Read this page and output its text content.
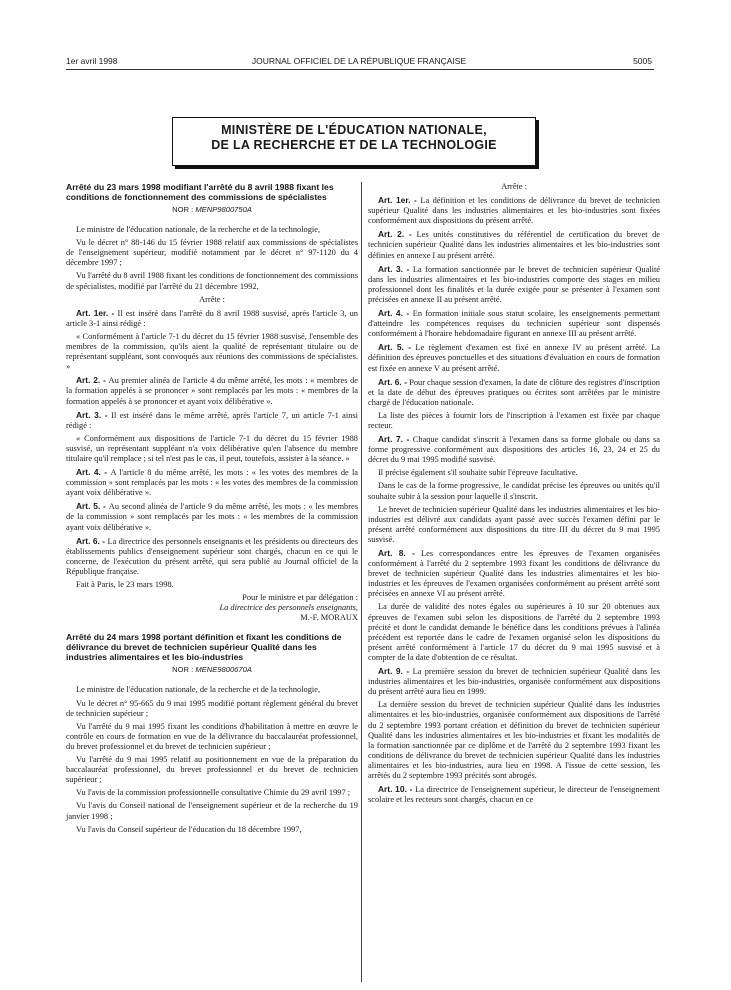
1er avril 1998	JOURNAL OFFICIEL DE LA RÉPUBLIQUE FRANÇAISE	5005
MINISTÈRE DE L'ÉDUCATION NATIONALE,
DE LA RECHERCHE ET DE LA TECHNOLOGIE
Arrêté du 23 mars 1998 modifiant l'arrêté du 8 avril 1988 fixant les conditions de fonctionnement des commissions de spécialistes
NOR : MENP9800750A

Le ministre de l'éducation nationale, de la recherche et de la technologie,

Vu le décret n° 88-146 du 15 février 1988 relatif aux commissions de spécialistes de l'enseignement supérieur, modifié notamment par le décret n° 97-1120 du 4 décembre 1997 ;

Vu l'arrêté du 8 avril 1988 fixant les conditions de fonctionnement des commissions de spécialistes, modifié par l'arrêté du 21 décembre 1992,

Arrête :

Art. 1er. - Il est inséré dans l'arrêté du 8 avril 1988 susvisé, après l'article 3, un article 3-1 ainsi rédigé :

« Conformément à l'article 7-1 du décret du 15 février 1988 susvisé, l'ensemble des membres de la commission, qu'ils aient la qualité de représentant titulaire ou de représentant suppléant, sont convoqués aux réunions des commissions de spécialistes. »

Art. 2. - Au premier alinéa de l'article 4 du même arrêté, les mots : « membres de la formation appelés à se prononcer » sont remplacés par les mots : « membres de la formation appelés à se prononcer et ayant voix délibérative ».

Art. 3. - Il est inséré dans le même arrêté, après l'article 7, un article 7-1 ainsi rédigé :

« Conformément aux dispositions de l'article 7-1 du décret du 15 février 1988 susvisé, un représentant suppléant n'a voix délibérative qu'en l'absence du membre titulaire qu'il remplace ; si tel n'est pas le cas, il peut, toutefois, assister à la séance. »

Art. 4. - A l'article 8 du même arrêté, les mots : « les votes des membres de la commission » sont remplacés par les mots : « les votes des membres de la commission ayant voix délibérative ».

Art. 5. - Au second alinéa de l'article 9 du même arrêté, les mots : « les membres de la commission » sont remplacés par les mots : « les membres de la commission ayant voix délibérative ».

Art. 6. - La directrice des personnels enseignants et les présidents ou directeurs des établissements publics d'enseignement supérieur sont chargés, chacun en ce qui le concerne, de l'exécution du présent arrêté, qui sera publié au Journal officiel de la République française.

Fait à Paris, le 23 mars 1998.

Pour le ministre et par délégation :

La directrice des personnels enseignants,

M.-F. MORAUX

Arrêté du 24 mars 1998 portant définition et fixant les conditions de délivrance du brevet de technicien supérieur Qualité dans les industries alimentaires et les bio-industries
NOR : MENE9800670A

Le ministre de l'éducation nationale, de la recherche et de la technologie,

Vu le décret n° 95-665 du 9 mai 1995 modifié portant règlement général du brevet de technicien supérieur ;

Vu l'arrêté du 9 mai 1995 fixant les conditions d'habilitation à mettre en œuvre le contrôle en cours de formation en vue de la délivrance du baccalauréat professionnel, du brevet professionnel et du brevet de technicien supérieur ;

Vu l'arrêté du 9 mai 1995 relatif au positionnement en vue de la préparation du baccalauréat professionnel, du brevet professionnel et du brevet de technicien supérieur ;

Vu l'avis de la commission professionnelle consultative Chimie du 29 avril 1997 ;

Vu l'avis du Conseil national de l'enseignement supérieur et de la recherche du 19 janvier 1998 ;

Vu l'avis du Conseil supérieur de l'éducation du 18 décembre 1997,

Arrête :

Art. 1er. - La définition et les conditions de délivrance du brevet de technicien supérieur Qualité dans les industries alimentaires et les bio-industries sont fixées conformément aux dispositions du présent arrêté.

Art. 2. - Les unités constitutives du référentiel de certification du brevet de technicien supérieur Qualité dans les industries alimentaires et les bio-industries sont définies en annexe I au présent arrêté.

Art. 3. - La formation sanctionnée par le brevet de technicien supérieur Qualité dans les industries alimentaires et les bio-industries comporte des stages en milieu professionnel dont les finalités et la durée exigée pour se présenter à l'examen sont précisées en annexe II au présent arrêté.

Art. 4. - En formation initiale sous statut scolaire, les enseignements permettant d'atteindre les compétences requises du technicien supérieur sont dispensés conformément à l'horaire hebdomadaire figurant en annexe III au présent arrêté.

Art. 5. - Le règlement d'examen est fixé en annexe IV au présent arrêté. La définition des épreuves ponctuelles et des situations d'évaluation en cours de formation est fixée en annexe V au présent arrêté.

Art. 6. - Pour chaque session d'examen, la date de clôture des registres d'inscription et la date de début des épreuves pratiques ou écrites sont arrêtées par le ministre chargé de l'éducation nationale.

La liste des pièces à fournir lors de l'inscription à l'examen est fixée par chaque recteur.

Art. 7. - Chaque candidat s'inscrit à l'examen dans sa forme globale ou dans sa forme progressive conformément aux dispositions des articles 16, 23, 24 et 25 du décret du 9 mai 1995 modifié susvisé.

Il précise également s'il souhaite subir l'épreuve facultative.

Dans le cas de la forme progressive, le candidat précise les épreuves ou unités qu'il souhaite subir à la session pour laquelle il s'inscrit.

Le brevet de technicien supérieur Qualité dans les industries alimentaires et les bio-industries est délivré aux candidats ayant passé avec succès l'examen défini par le présent arrêté conformément aux dispositions du titre III du décret du 9 mai 1995 susvisé.

Art. 8. - Les correspondances entre les épreuves de l'examen organisées conformément à l'arrêté du 2 septembre 1993 fixant les conditions de délivrance du brevet de technicien supérieur Qualité dans les industries alimentaires et les bio-industries et les épreuves de l'examen organisées conformément au présent arrêté sont précisées en annexe VI au présent arrêté.

La durée de validité des notes égales ou supérieures à 10 sur 20 obtenues aux épreuves de l'examen subi selon les dispositions de l'arrêté du 2 septembre 1993 précité et dont le candidat demande le bénéfice dans les conditions prévues à l'alinéa précédent est reportée dans le cadre de l'examen organisé selon les dispositions du présent arrêté conformément à l'article 17 du décret du 9 mai 1995 susvisé et à compter de la date d'obtention de ce résultat.

Art. 9. - La première session du brevet de technicien supérieur Qualité dans les industries alimentaires et les bio-industries, organisée conformément aux dispositions du présent arrêté aura lieu en 1999.

La dernière session du brevet de technicien supérieur Qualité dans les industries alimentaires et les bio-industries, organisée conformément aux dispositions de l'arrêté du 2 septembre 1993 portant création et définition du brevet de technicien supérieur Qualité dans les industries alimentaires et les bio-industries et fixant les modalités de la formation sanctionnée par ce diplôme et de l'arrêté du 2 septembre 1993 fixant les conditions de délivrance du brevet de technicien supérieur Qualité dans les industries alimentaires et les bio-industries, aura lieu en 1998. A l'issue de cette session, les arrêtés du 2 septembre 1993 précités sont abrogés.

Art. 10. - La directrice de l'enseignement supérieur, le directeur de l'enseignement scolaire et les recteurs sont chargés, chacun en ce
